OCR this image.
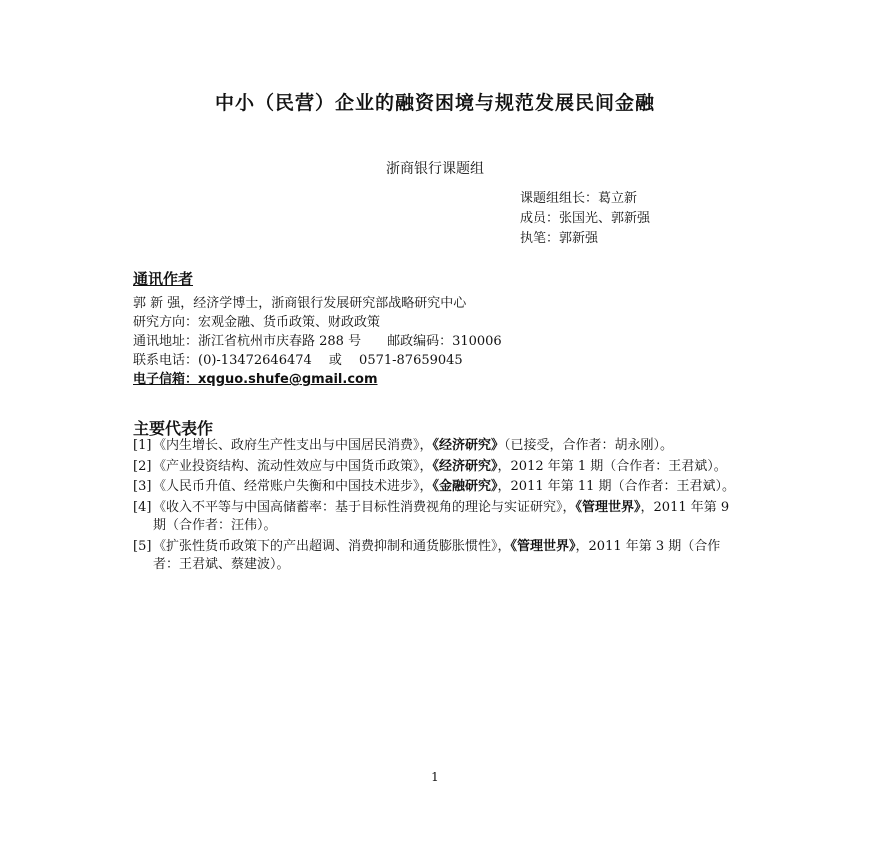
中小（民营）企业的融资困境与规范发展民间金融
浙商银行课题组
课题组组长：葛立新
成员：张国光、郭新强
执笔：郭新强
通讯作者
郭 新 强，经济学博士，浙商银行发展研究部战略研究中心
研究方向：宏观金融、货币政策、财政政策
通讯地址：浙江省杭州市庆春路 288 号　　邮政编码：310006
联系电话：(0)-13472646474　 或　 0571-87659045
电子信箱：xqguo.shufe@gmail.com
主要代表作
[1] 《内生增长、政府生产性支出与中国居民消费》，《经济研究》（已接受，合作者：胡永刚）。
[2] 《产业投资结构、流动性效应与中国货币政策》，《经济研究》，2012 年第 1 期（合作者：王君斌）。
[3] 《人民币升值、经常账户失衡和中国技术进步》，《金融研究》，2011 年第 11 期（合作者：王君斌）。
[4] 《收入不平等与中国高储蓄率：基于目标性消费视角的理论与实证研究》，《管理世界》，2011 年第 9 期（合作者：汪伟）。
[5] 《扩张性货币政策下的产出超调、消费抑制和通货膨胀惯性》，《管理世界》，2011 年第 3 期（合作者：王君斌、蔡建波）。
1
